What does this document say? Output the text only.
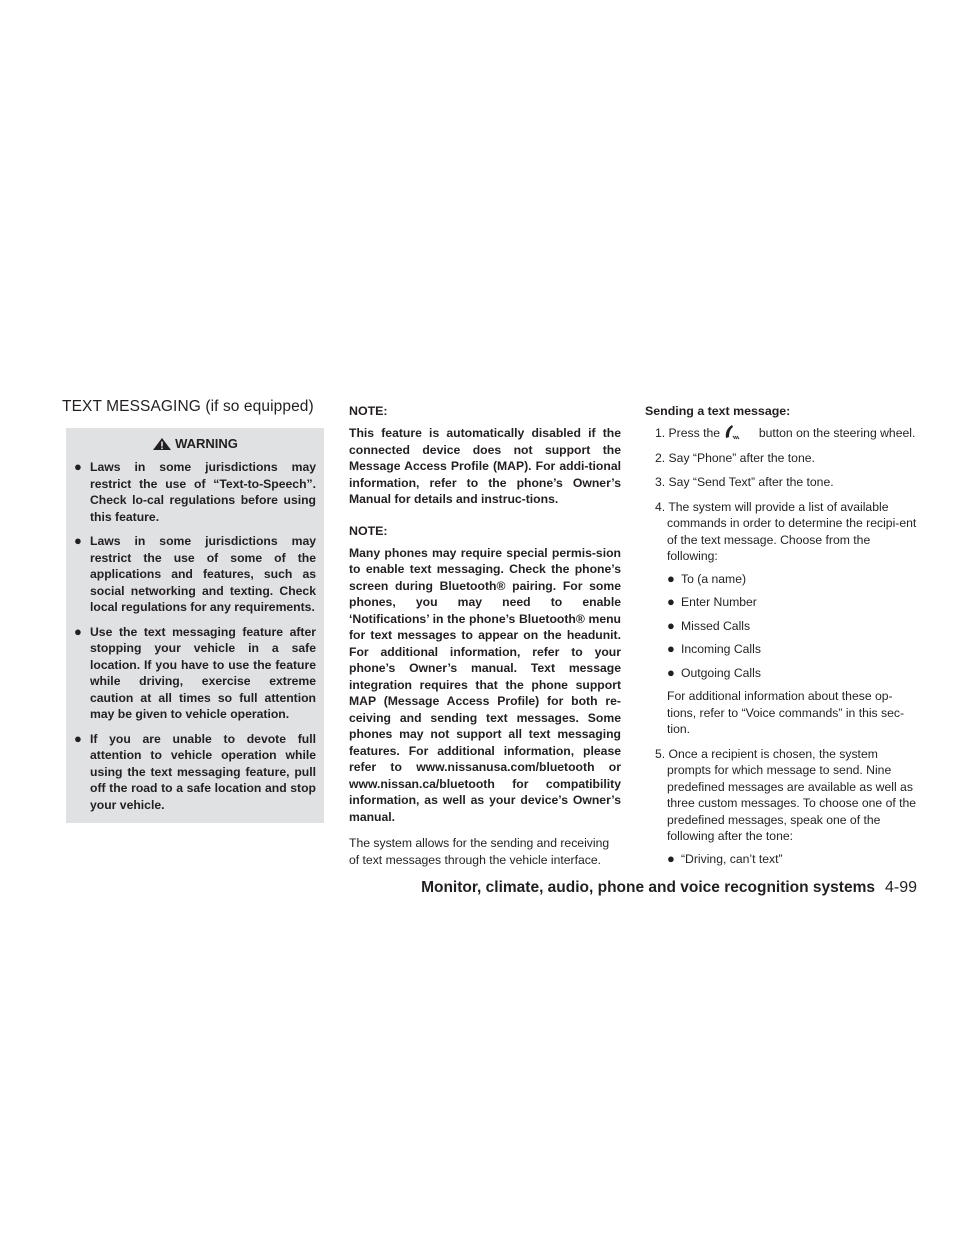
TEXT MESSAGING (if so equipped)
WARNING
● Laws in some jurisdictions may restrict the use of “Text-to-Speech”. Check lo-cal regulations before using this feature.
● Laws in some jurisdictions may restrict the use of some of the applications and features, such as social networking and texting. Check local regulations for any requirements.
● Use the text messaging feature after stopping your vehicle in a safe location. If you have to use the feature while driving, exercise extreme caution at all times so full attention may be given to vehicle operation.
● If you are unable to devote full attention to vehicle operation while using the text messaging feature, pull off the road to a safe location and stop your vehicle.

NOTE:

This feature is automatically disabled if the connected device does not support the Message Access Profile (MAP). For addi-tional information, refer to the phone’s Owner’s Manual for details and instruc-tions.

NOTE:

Many phones may require special permis-sion to enable text messaging. Check the phone’s screen during Bluetooth® pairing. For some phones, you may need to enable ‘Notifications’ in the phone’s Bluetooth® menu for text messages to appear on the headunit. For additional information, refer to your phone’s Owner’s manual. Text message integration requires that the phone support MAP (Message Access Profile) for both re-ceiving and sending text messages. Some phones may not support all text messaging features. For additional information, please refer to www.nissanusa.com/bluetooth or www.nissan.ca/bluetooth for compatibility information, as well as your device’s Owner’s manual.

The system allows for the sending and receiving of text messages through the vehicle interface.

Sending a text message:

1. Press the	button on the steering wheel.
2. Say “Phone” after the tone.
3. Say “Send Text” after the tone.
4. The system will provide a list of available commands in order to determine the recipi-ent of the text message. Choose from the following:
● To (a name)
● Enter Number
● Missed Calls
● Incoming Calls
● Outgoing Calls

For additional information about these op-tions, refer to “Voice commands” in this sec-tion.

5. Once a recipient is chosen, the system prompts for which message to send. Nine predefined messages are available as well as three custom messages. To choose one of the predefined messages, speak one of the following after the tone:
● “Driving, can’t text”
Monitor, climate, audio, phone and voice recognition systems 4-99
